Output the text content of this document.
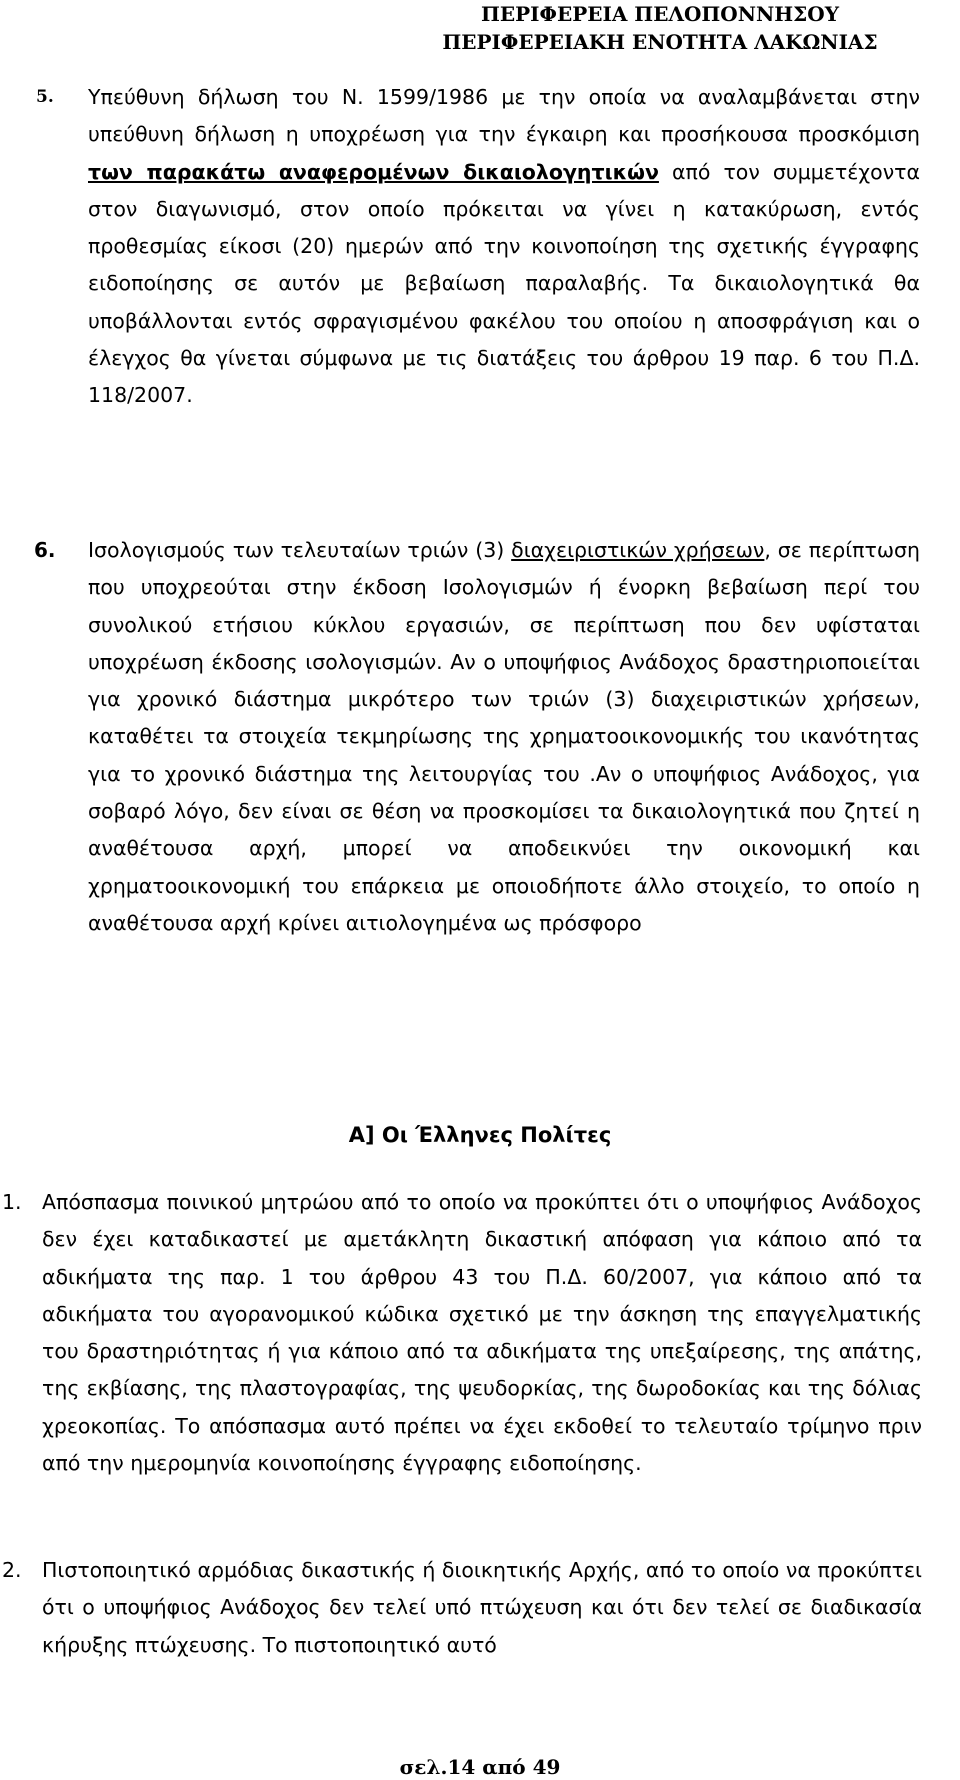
ΠΕΡΙΦΕΡΕΙΑ ΠΕΛΟΠΟΝΝΗΣΟΥ
ΠΕΡΙΦΕΡΕΙΑΚΗ ΕΝΟΤΗΤΑ ΛΑΚΩΝΙΑΣ
5. Υπεύθυνη δήλωση του Ν. 1599/1986 με την οποία να αναλαμβάνεται στην υπεύθυνη δήλωση η υποχρέωση για την έγκαιρη και προσήκουσα προσκόμιση των παρακάτω αναφερομένων δικαιολογητικών από τον συμμετέχοντα στον διαγωνισμό, στον οποίο πρόκειται να γίνει η κατακύρωση, εντός προθεσμίας είκοσι (20) ημερών από την κοινοποίηση της σχετικής έγγραφης ειδοποίησης σε αυτόν με βεβαίωση παραλαβής. Τα δικαιολογητικά θα υποβάλλονται εντός σφραγισμένου φακέλου του οποίου η αποσφράγιση και ο έλεγχος θα γίνεται σύμφωνα με τις διατάξεις του άρθρου 19 παρ. 6 του Π.Δ. 118/2007.
6. Ισολογισμούς των τελευταίων τριών (3) διαχειριστικών χρήσεων, σε περίπτωση που υποχρεούται στην έκδοση Ισολογισμών ή ένορκη βεβαίωση περί του συνολικού ετήσιου κύκλου εργασιών, σε περίπτωση που δεν υφίσταται υποχρέωση έκδοσης ισολογισμών. Αν ο υποψήφιος Ανάδοχος δραστηριοποιείται για χρονικό διάστημα μικρότερο των τριών (3) διαχειριστικών χρήσεων, καταθέτει τα στοιχεία τεκμηρίωσης της χρηματοοικονομικής του ικανότητας για το χρονικό διάστημα της λειτουργίας του .Αν ο υποψήφιος Ανάδοχος, για σοβαρό λόγο, δεν είναι σε θέση να προσκομίσει τα δικαιολογητικά που ζητεί η αναθέτουσα αρχή, μπορεί να αποδεικνύει την οικονομική και χρηματοοικονομική του επάρκεια με οποιοδήποτε άλλο στοιχείο, το οποίο η αναθέτουσα αρχή κρίνει αιτιολογημένα ως πρόσφορο
Α] Οι Έλληνες Πολίτες
1. Απόσπασμα ποινικού μητρώου από το οποίο να προκύπτει ότι ο υποψήφιος Ανάδοχος δεν έχει καταδικαστεί με αμετάκλητη δικαστική απόφαση για κάποιο από τα αδικήματα της παρ. 1 του άρθρου 43 του Π.Δ. 60/2007, για κάποιο από τα αδικήματα του αγορανομικού κώδικα σχετικό με την άσκηση της επαγγελματικής του δραστηριότητας ή για κάποιο από τα αδικήματα της υπεξαίρεσης, της απάτης, της εκβίασης, της πλαστογραφίας, της ψευδορκίας, της δωροδοκίας και της δόλιας χρεοκοπίας. Το απόσπασμα αυτό πρέπει να έχει εκδοθεί το τελευταίο τρίμηνο πριν από την ημερομηνία κοινοποίησης έγγραφης ειδοποίησης.
2. Πιστοποιητικό αρμόδιας δικαστικής ή διοικητικής Αρχής, από το οποίο να προκύπτει ότι ο υποψήφιος Ανάδοχος δεν τελεί υπό πτώχευση και ότι δεν τελεί σε διαδικασία κήρυξης πτώχευσης. Το πιστοποιητικό αυτό
σελ.14 από 49
